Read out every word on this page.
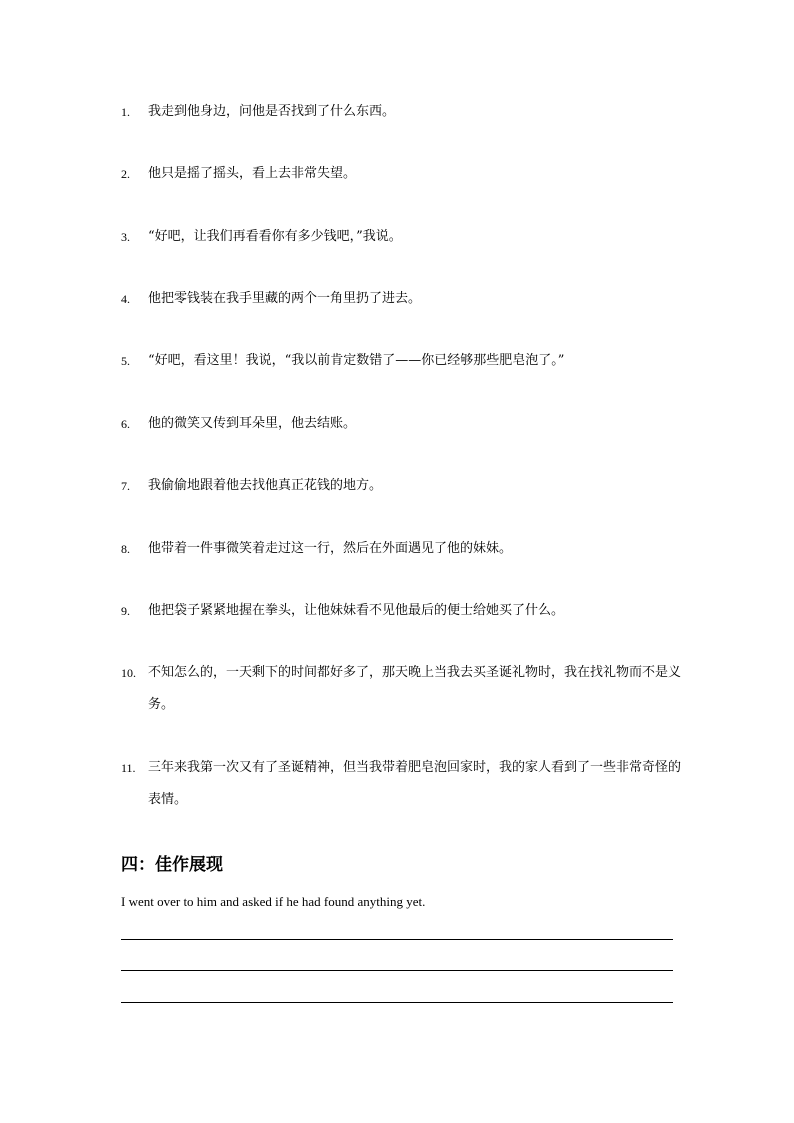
1. 我走到他身边，问他是否找到了什么东西。
2. 他只是摇了摇头，看上去非常失望。
3. “好吧，让我们再看看你有多少钱吧，”我说。
4. 他把零钱装在我手里藏的两个一角里扔了进去。
5. “好吧，看这里！我说，“我以前肯定数错了——你已经够那些肥皂泡了。”
6. 他的微笑又传到耳朵里，他去结账。
7. 我偷偷地跟着他去找他真正花钱的地方。
8. 他带着一件事微笑着走过这一行，然后在外面遇见了他的妹妹。
9. 他把袋子紧紧地握在拳头，让他妹妹看不见他最后的便士给她买了什么。
10. 不知怎么的，一天剩下的时间都好多了，那天晚上当我去买圣诞礼物时，我在找礼物而不是义务。
11. 三年来我第一次又有了圣诞精神，但当我带着肥皂泡回家时，我的家人看到了一些非常奇怪的表情。
四：佳作展现
I went over to him and asked if he had found anything yet.
